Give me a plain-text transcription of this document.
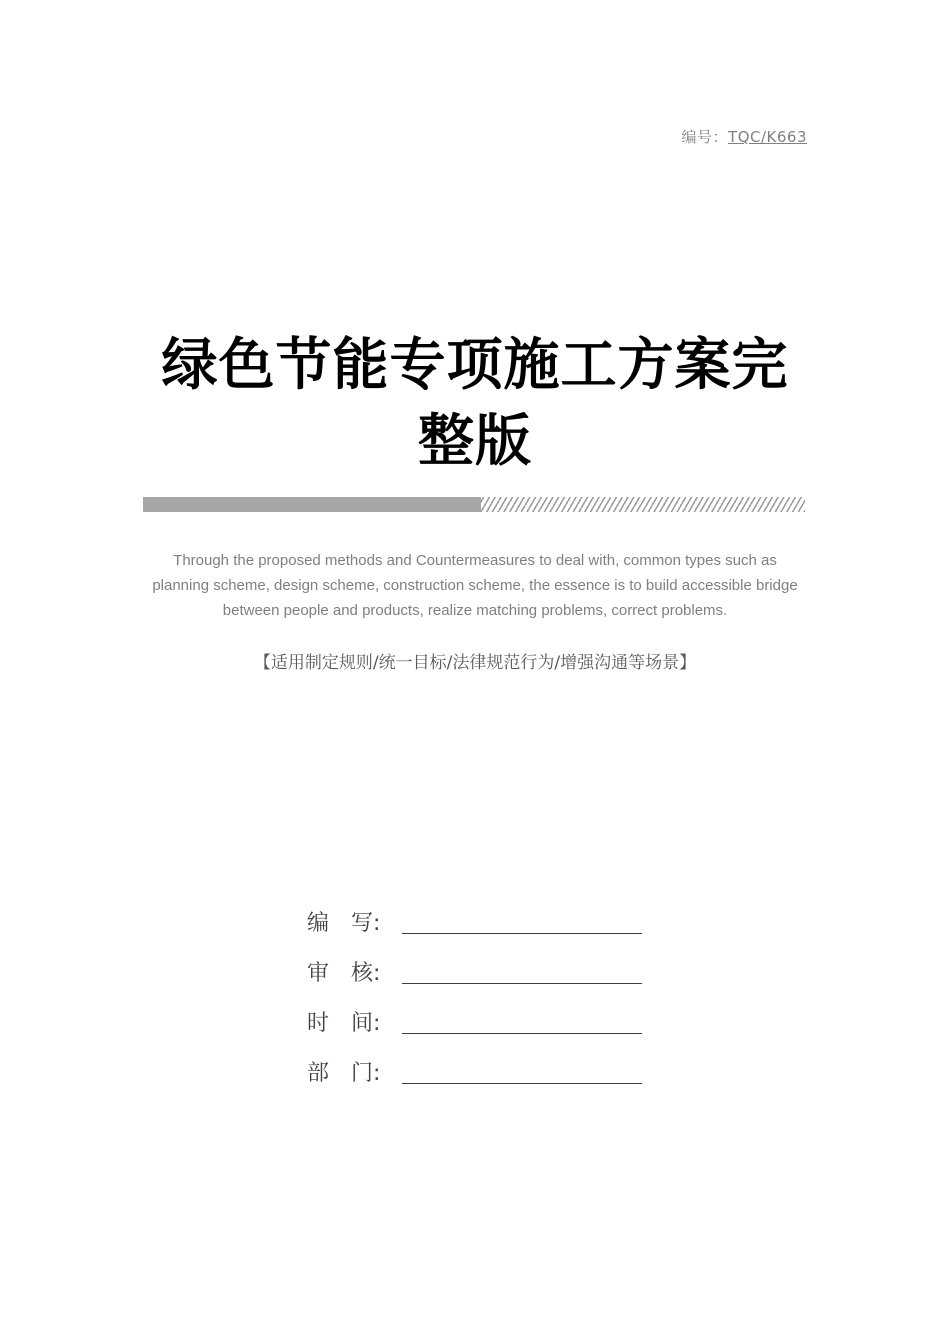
编号：TQC/K663
绿色节能专项施工方案完
整版
Through the proposed methods and Countermeasures to deal with, common types such as planning scheme, design scheme, construction scheme, the essence is to build accessible bridge between people and products, realize matching problems, correct problems.
【适用制定规则/统一目标/法律规范行为/增强沟通等场景】
编　写:
审　核:
时　间:
部　门:
